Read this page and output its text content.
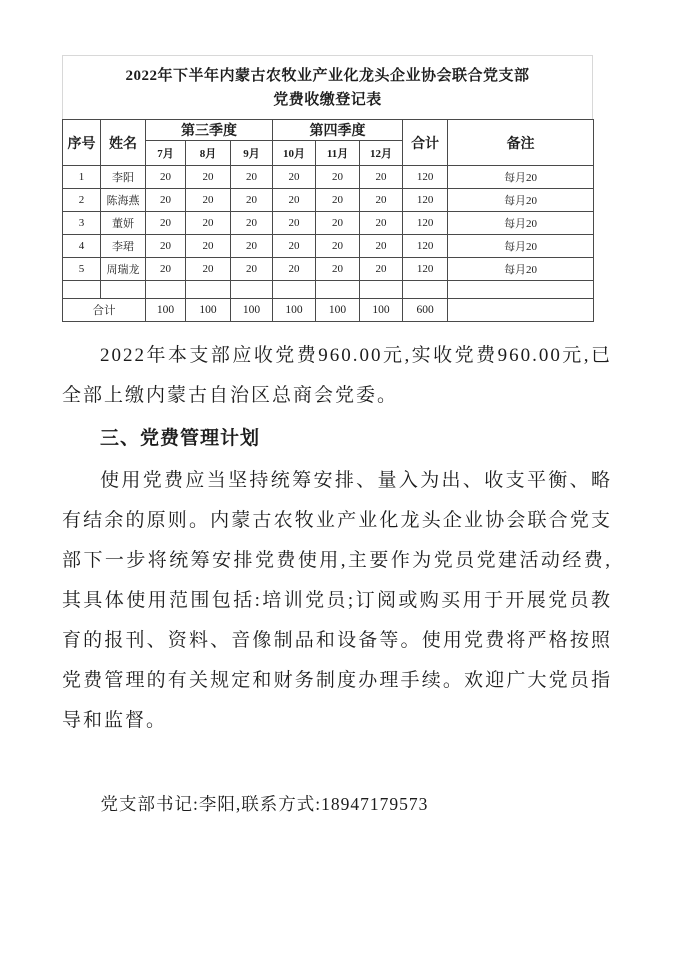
2022年下半年内蒙古农牧业产业化龙头企业协会联合党支部
党费收缴登记表
序号	姓名	第三季度			第四季度			合计	备注
		7月	8月	9月	10月	11月	12月		
1	李阳	20	20	20	20	20	20	120	每月20
2	陈海燕	20	20	20	20	20	20	120	每月20
3	董妍	20	20	20	20	20	20	120	每月20
4	李珺	20	20	20	20	20	20	120	每月20
5	周瑞龙	20	20	20	20	20	20	120	每月20

合计		100	100	100	100	100	100	600	

2022年本支部应收党费960.00元,实收党费960.00元,已全部上缴内蒙古自治区总商会党委。

三、党费管理计划

使用党费应当坚持统筹安排、量入为出、收支平衡、略有结余的原则。内蒙古农牧业产业化龙头企业协会联合党支部下一步将统筹安排党费使用,主要作为党员党建活动经费,其具体使用范围包括:培训党员;订阅或购买用于开展党员教育的报刊、资料、音像制品和设备等。使用党费将严格按照党费管理的有关规定和财务制度办理手续。欢迎广大党员指导和监督。

党支部书记:李阳,联系方式:18947179573
